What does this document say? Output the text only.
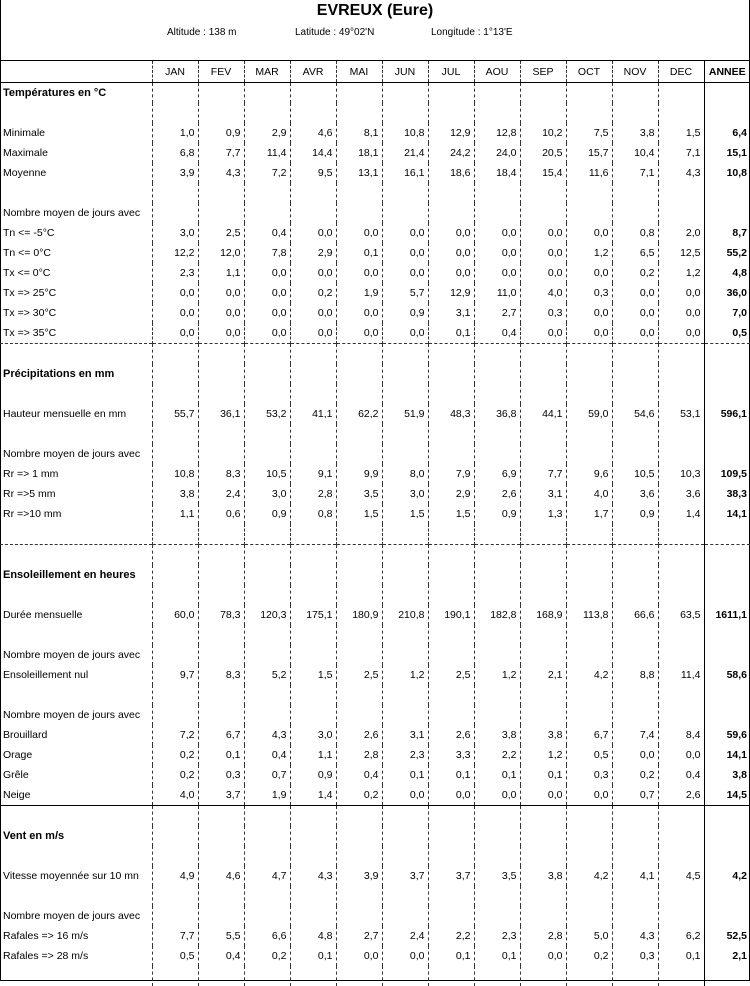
EVREUX (Eure)
Altitude : 138 m	Latitude : 49°02'N	Longitude : 1°13'E
	JAN	FEV	MAR	AVR	MAI	JUN	JUL	AOU	SEP	OCT	NOV	DEC	ANNEE
Températures en °C													

Minimale	1,0	0,9	2,9	4,6	8,1	10,8	12,9	12,8	10,2	7,5	3,8	1,5	6,4
Maximale	6,8	7,7	11,4	14,4	18,1	21,4	24,2	24,0	20,5	15,7	10,4	7,1	15,1
Moyenne	3,9	4,3	7,2	9,5	13,1	16,1	18,6	18,4	15,4	11,6	7,1	4,3	10,8

Nombre moyen de jours avec													
Tn <= -5°C	3,0	2,5	0,4	0,0	0,0	0,0	0,0	0,0	0,0	0,0	0,8	2,0	8,7
Tn <= 0°C	12,2	12,0	7,8	2,9	0,1	0,0	0,0	0,0	0,0	1,2	6,5	12,5	55,2
Tx <= 0°C	2,3	1,1	0,0	0,0	0,0	0,0	0,0	0,0	0,0	0,0	0,2	1,2	4,8
Tx => 25°C	0,0	0,0	0,0	0,2	1,9	5,7	12,9	11,0	4,0	0,3	0,0	0,0	36,0
Tx => 30°C	0,0	0,0	0,0	0,0	0,0	0,9	3,1	2,7	0,3	0,0	0,0	0,0	7,0
Tx => 35°C	0,0	0,0	0,0	0,0	0,0	0,0	0,1	0,4	0,0	0,0	0,0	0,0	0,5

Précipitations en mm													

Hauteur mensuelle en mm	55,7	36,1	53,2	41,1	62,2	51,9	48,3	36,8	44,1	59,0	54,6	53,1	596,1

Nombre moyen de jours avec													
Rr => 1 mm	10,8	8,3	10,5	9,1	9,9	8,0	7,9	6,9	7,7	9,6	10,5	10,3	109,5
Rr =>5 mm	3,8	2,4	3,0	2,8	3,5	3,0	2,9	2,6	3,1	4,0	3,6	3,6	38,3
Rr =>10 mm	1,1	0,6	0,9	0,8	1,5	1,5	1,5	0,9	1,3	1,7	0,9	1,4	14,1

Ensoleillement en heures													

Durée mensuelle	60,0	78,3	120,3	175,1	180,9	210,8	190,1	182,8	168,9	113,8	66,6	63,5	1611,1

Nombre moyen de jours avec													
Ensoleillement nul	9,7	8,3	5,2	1,5	2,5	1,2	2,5	1,2	2,1	4,2	8,8	11,4	58,6

Nombre moyen de jours avec													
Brouillard	7,2	6,7	4,3	3,0	2,6	3,1	2,6	3,8	3,8	6,7	7,4	8,4	59,6
Orage	0,2	0,1	0,4	1,1	2,8	2,3	3,3	2,2	1,2	0,5	0,0	0,0	14,1
Grêle	0,2	0,3	0,7	0,9	0,4	0,1	0,1	0,1	0,1	0,3	0,2	0,4	3,8
Neige	4,0	3,7	1,9	1,4	0,2	0,0	0,0	0,0	0,0	0,0	0,7	2,6	14,5

Vent en m/s													

Vitesse moyennée sur 10 mn	4,9	4,6	4,7	4,3	3,9	3,7	3,7	3,5	3,8	4,2	4,1	4,5	4,2

Nombre moyen de jours avec													
Rafales => 16 m/s	7,7	5,5	6,6	4,8	2,7	2,4	2,2	2,3	2,8	5,0	4,3	6,2	52,5
Rafales => 28 m/s	0,5	0,4	0,2	0,1	0,0	0,0	0,1	0,1	0,0	0,2	0,3	0,1	2,1
